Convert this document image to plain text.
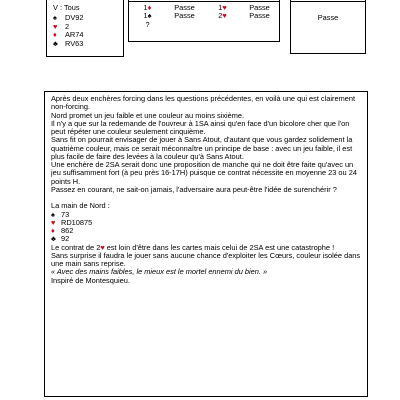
V : Tous
♠ DV92
♥ 2
♦ AR74
♣ RV63
1♦	Passe	1♥	Passe
1♠	Passe	2♥	Passe
?
Passe

Après deux enchères forcing dans les questions précédentes, en voilà une qui est clairement non-forcing.

Nord promet un jeu faible et une couleur au moins sixième.

Il n'y a que sur la redemande de l'ouvreur à 1SA ainsi qu'en face d'un bicolore cher que l'on peut répéter une couleur seulement cinquième.

Sans fit on pourrait envisager de jouer à Sans Atout, d'autant que vous gardez solidement la quatrième couleur, mais ce serait méconnaître un principe de base : avec un jeu faible, il est plus facile de faire des levées à la couleur qu'à Sans Atout.

Une enchère de 2SA serait donc une proposition de manche qui ne doit être faite qu'avec un jeu suffisamment fort (à peu près 16-17H) puisque ce contrat nécessite en moyenne 23 ou 24 points H.

Passez en courant, ne sait-on jamais, l'adversaire aura peut-être l'idée de surenchérir ?

La main de Nord :

♠ 73

♥ RD10875

♦ 862

♣ 92

Le contrat de 2♥ est loin d'être dans les cartes mais celui de 2SA est une catastrophe !

Sans surprise il faudra le jouer sans aucune chance d'exploiter les Cœurs, couleur isolée dans une main sans reprise.

« Avec des mains faibles, le mieux est le mortel ennemi du bien. »

Inspiré de Montesquieu.
